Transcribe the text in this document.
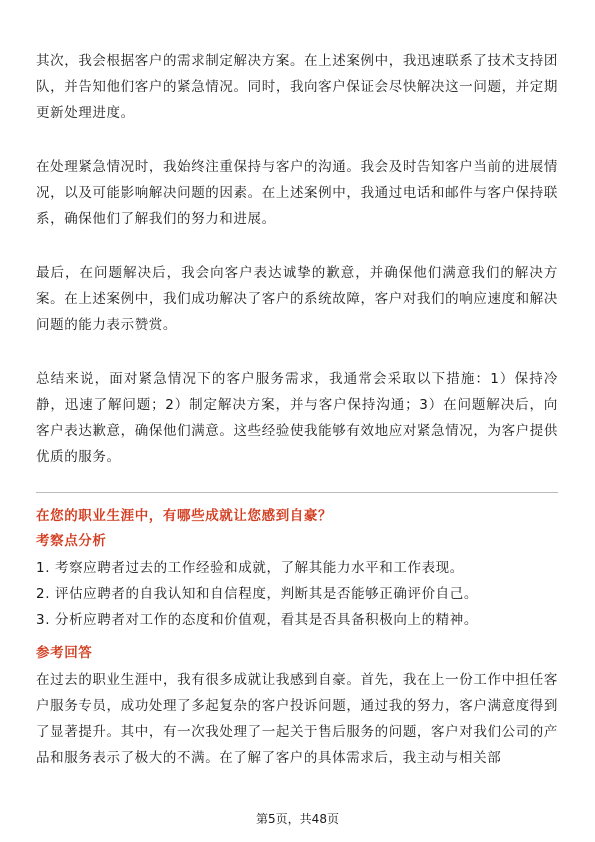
其次，我会根据客户的需求制定解决方案。在上述案例中，我迅速联系了技术支持团队，并告知他们客户的紧急情况。同时，我向客户保证会尽快解决这一问题，并定期更新处理进度。

在处理紧急情况时，我始终注重保持与客户的沟通。我会及时告知客户当前的进展情况，以及可能影响解决问题的因素。在上述案例中，我通过电话和邮件与客户保持联系，确保他们了解我们的努力和进展。

最后，在问题解决后，我会向客户表达诚挚的歉意，并确保他们满意我们的解决方案。在上述案例中，我们成功解决了客户的系统故障，客户对我们的响应速度和解决问题的能力表示赞赏。

总结来说，面对紧急情况下的客户服务需求，我通常会采取以下措施：1）保持冷静，迅速了解问题；2）制定解决方案，并与客户保持沟通；3）在问题解决后，向客户表达歉意，确保他们满意。这些经验使我能够有效地应对紧急情况，为客户提供优质的服务。

在您的职业生涯中，有哪些成就让您感到自豪？

考察点分析

1. 考察应聘者过去的工作经验和成就，了解其能力水平和工作表现。
2. 评估应聘者的自我认知和自信程度，判断其是否能够正确评价自己。
3. 分析应聘者对工作的态度和价值观，看其是否具备积极向上的精神。

参考回答

在过去的职业生涯中，我有很多成就让我感到自豪。首先，我在上一份工作中担任客户服务专员，成功处理了多起复杂的客户投诉问题，通过我的努力，客户满意度得到了显著提升。其中，有一次我处理了一起关于售后服务的问题，客户对我们公司的产品和服务表示了极大的不满。在了解了客户的具体需求后，我主动与相关部

第5页，共48页
